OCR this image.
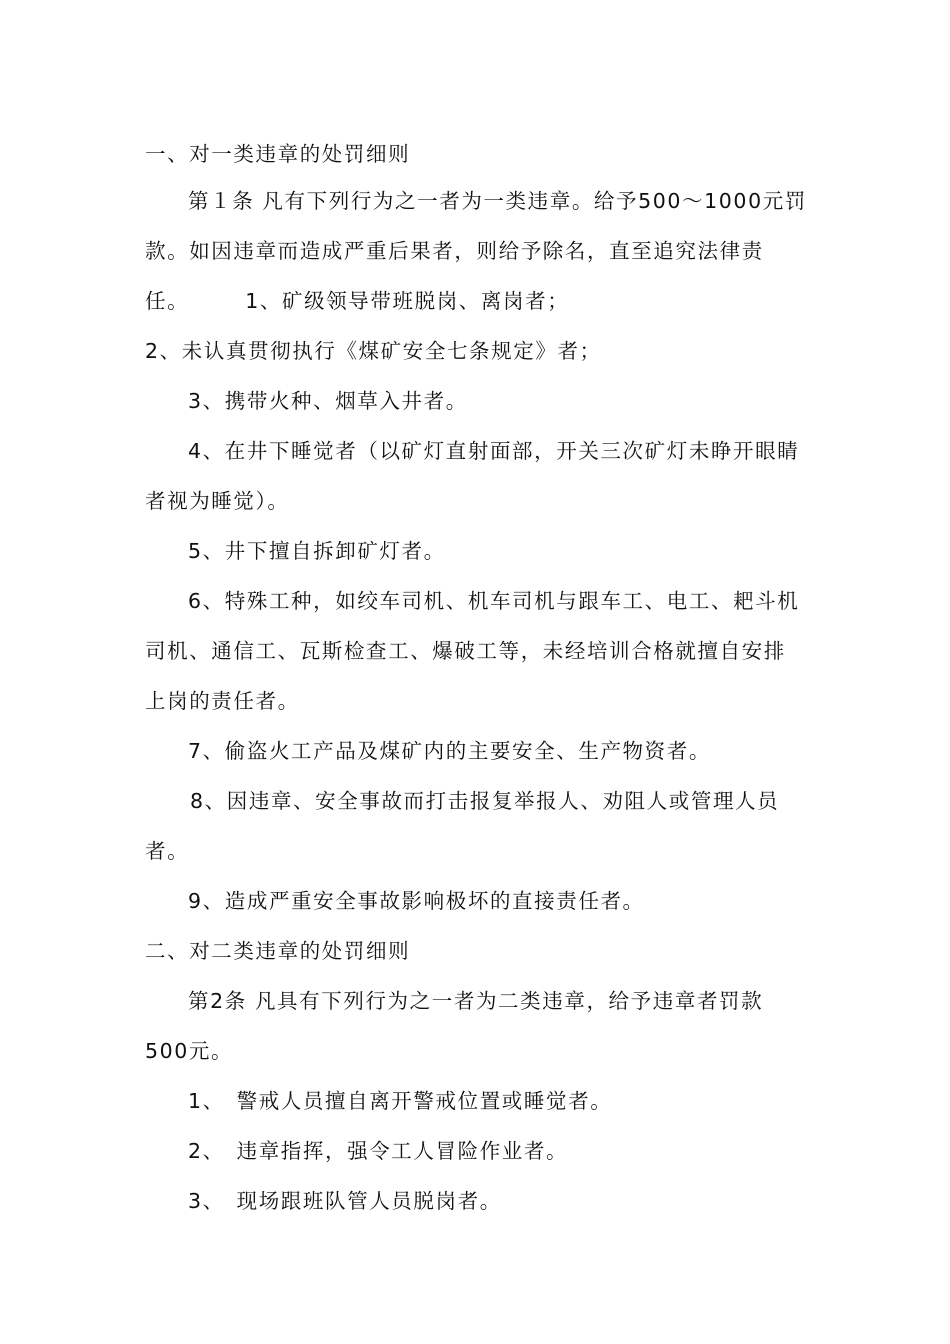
一、对一类违章的处罚细则

第１条 凡有下列行为之一者为一类违章。给予500～1000元罚

款。如因违章而造成严重后果者，则给予除名，直至追究法律责

任。　　　1、矿级领导带班脱岗、离岗者；

2、未认真贯彻执行《煤矿安全七条规定》者；

3、携带火种、烟草入井者。

4、在井下睡觉者（以矿灯直射面部，开关三次矿灯未睁开眼睛

者视为睡觉）。

5、井下擅自拆卸矿灯者。

6、特殊工种，如绞车司机、机车司机与跟车工、电工、耙斗机

司机、通信工、瓦斯检查工、爆破工等，未经培训合格就擅自安排

上岗的责任者。

7、偷盗火工产品及煤矿内的主要安全、生产物资者。

8、因违章、安全事故而打击报复举报人、劝阻人或管理人员

者。

9、造成严重安全事故影响极坏的直接责任者。

二、对二类违章的处罚细则

第2条 凡具有下列行为之一者为二类违章，给予违章者罚款

500元。

1、　警戒人员擅自离开警戒位置或睡觉者。

2、　违章指挥，强令工人冒险作业者。

3、　现场跟班队管人员脱岗者。
